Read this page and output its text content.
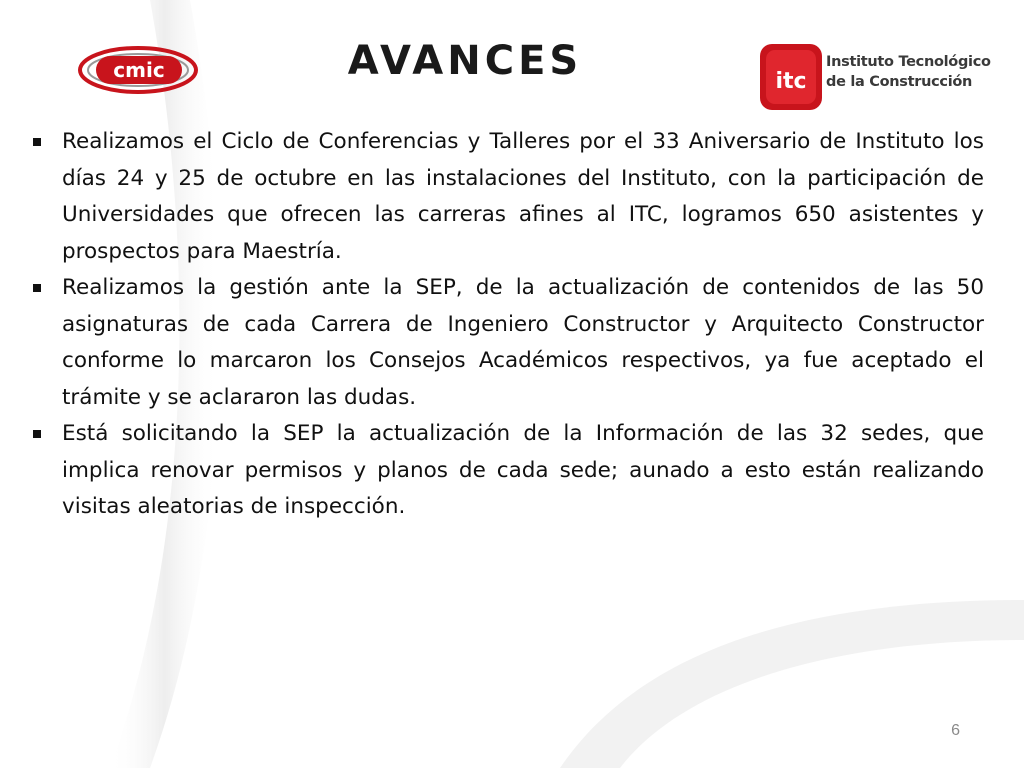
cmic	AVANCES	itc
Instituto Tecnológico
de la Construcción
Realizamos el Ciclo de Conferencias y Talleres por el 33 Aniversario de Instituto los días 24 y 25 de octubre en las instalaciones del Instituto, con la participación de Universidades que ofrecen las carreras afines al ITC, logramos 650 asistentes y prospectos para Maestría.
Realizamos la gestión ante la SEP, de la actualización de contenidos de las 50 asignaturas de cada Carrera de Ingeniero Constructor y Arquitecto Constructor conforme lo marcaron los Consejos Académicos respectivos, ya fue aceptado el trámite y se aclararon las dudas.
Está solicitando la SEP la actualización de la Información de las 32 sedes, que implica renovar permisos y planos de cada sede; aunado a esto están realizando visitas aleatorias de inspección.
6
